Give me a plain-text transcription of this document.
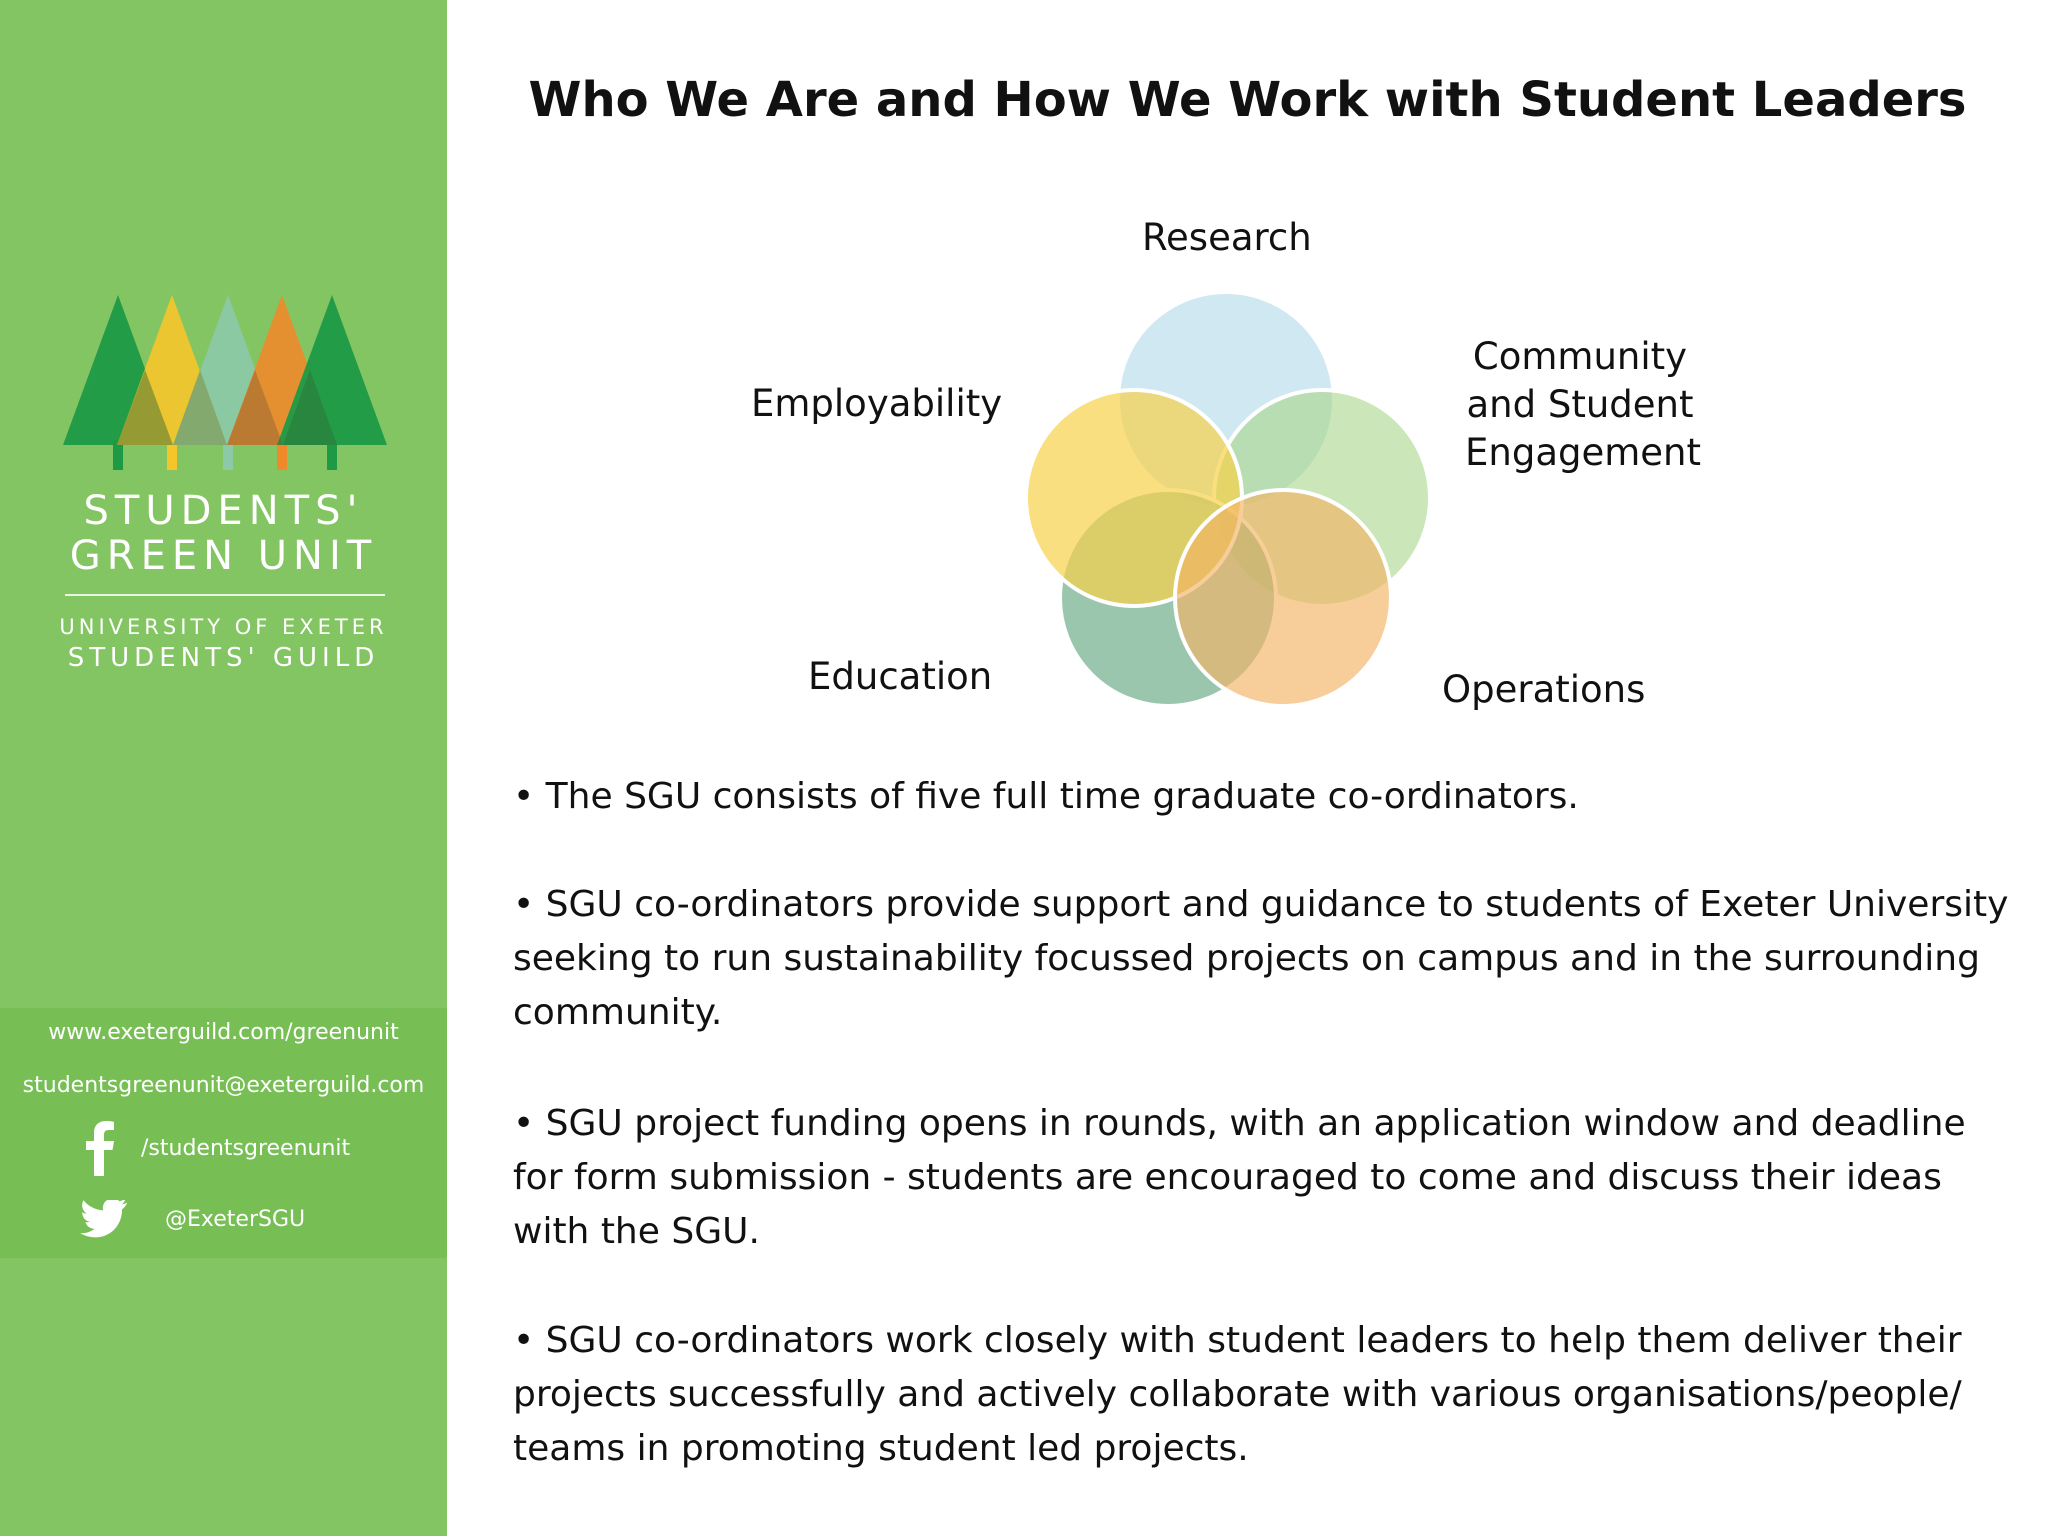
STUDENTS'
GREEN UNIT
UNIVERSITY OF EXETER
STUDENTS' GUILD
www.exeterguild.com/greenunit
studentsgreenunit@exeterguild.com
/studentsgreenunit
@ExeterSGU
Who We Are and How We Work with Student Leaders
Research
Employability
Community and Student Engagement
Education	Operations
• The SGU consists of five full time graduate co-ordinators.
• SGU co-ordinators provide support and guidance to students of Exeter University seeking to run sustainability focussed projects on campus and in the surrounding community.
• SGU project funding opens in rounds, with an application window and deadline for form submission - students are encouraged to come and discuss their ideas with the SGU.
• SGU co-ordinators work closely with student leaders to help them deliver their projects successfully and actively collaborate with various organisations/people/ teams in promoting student led projects.
